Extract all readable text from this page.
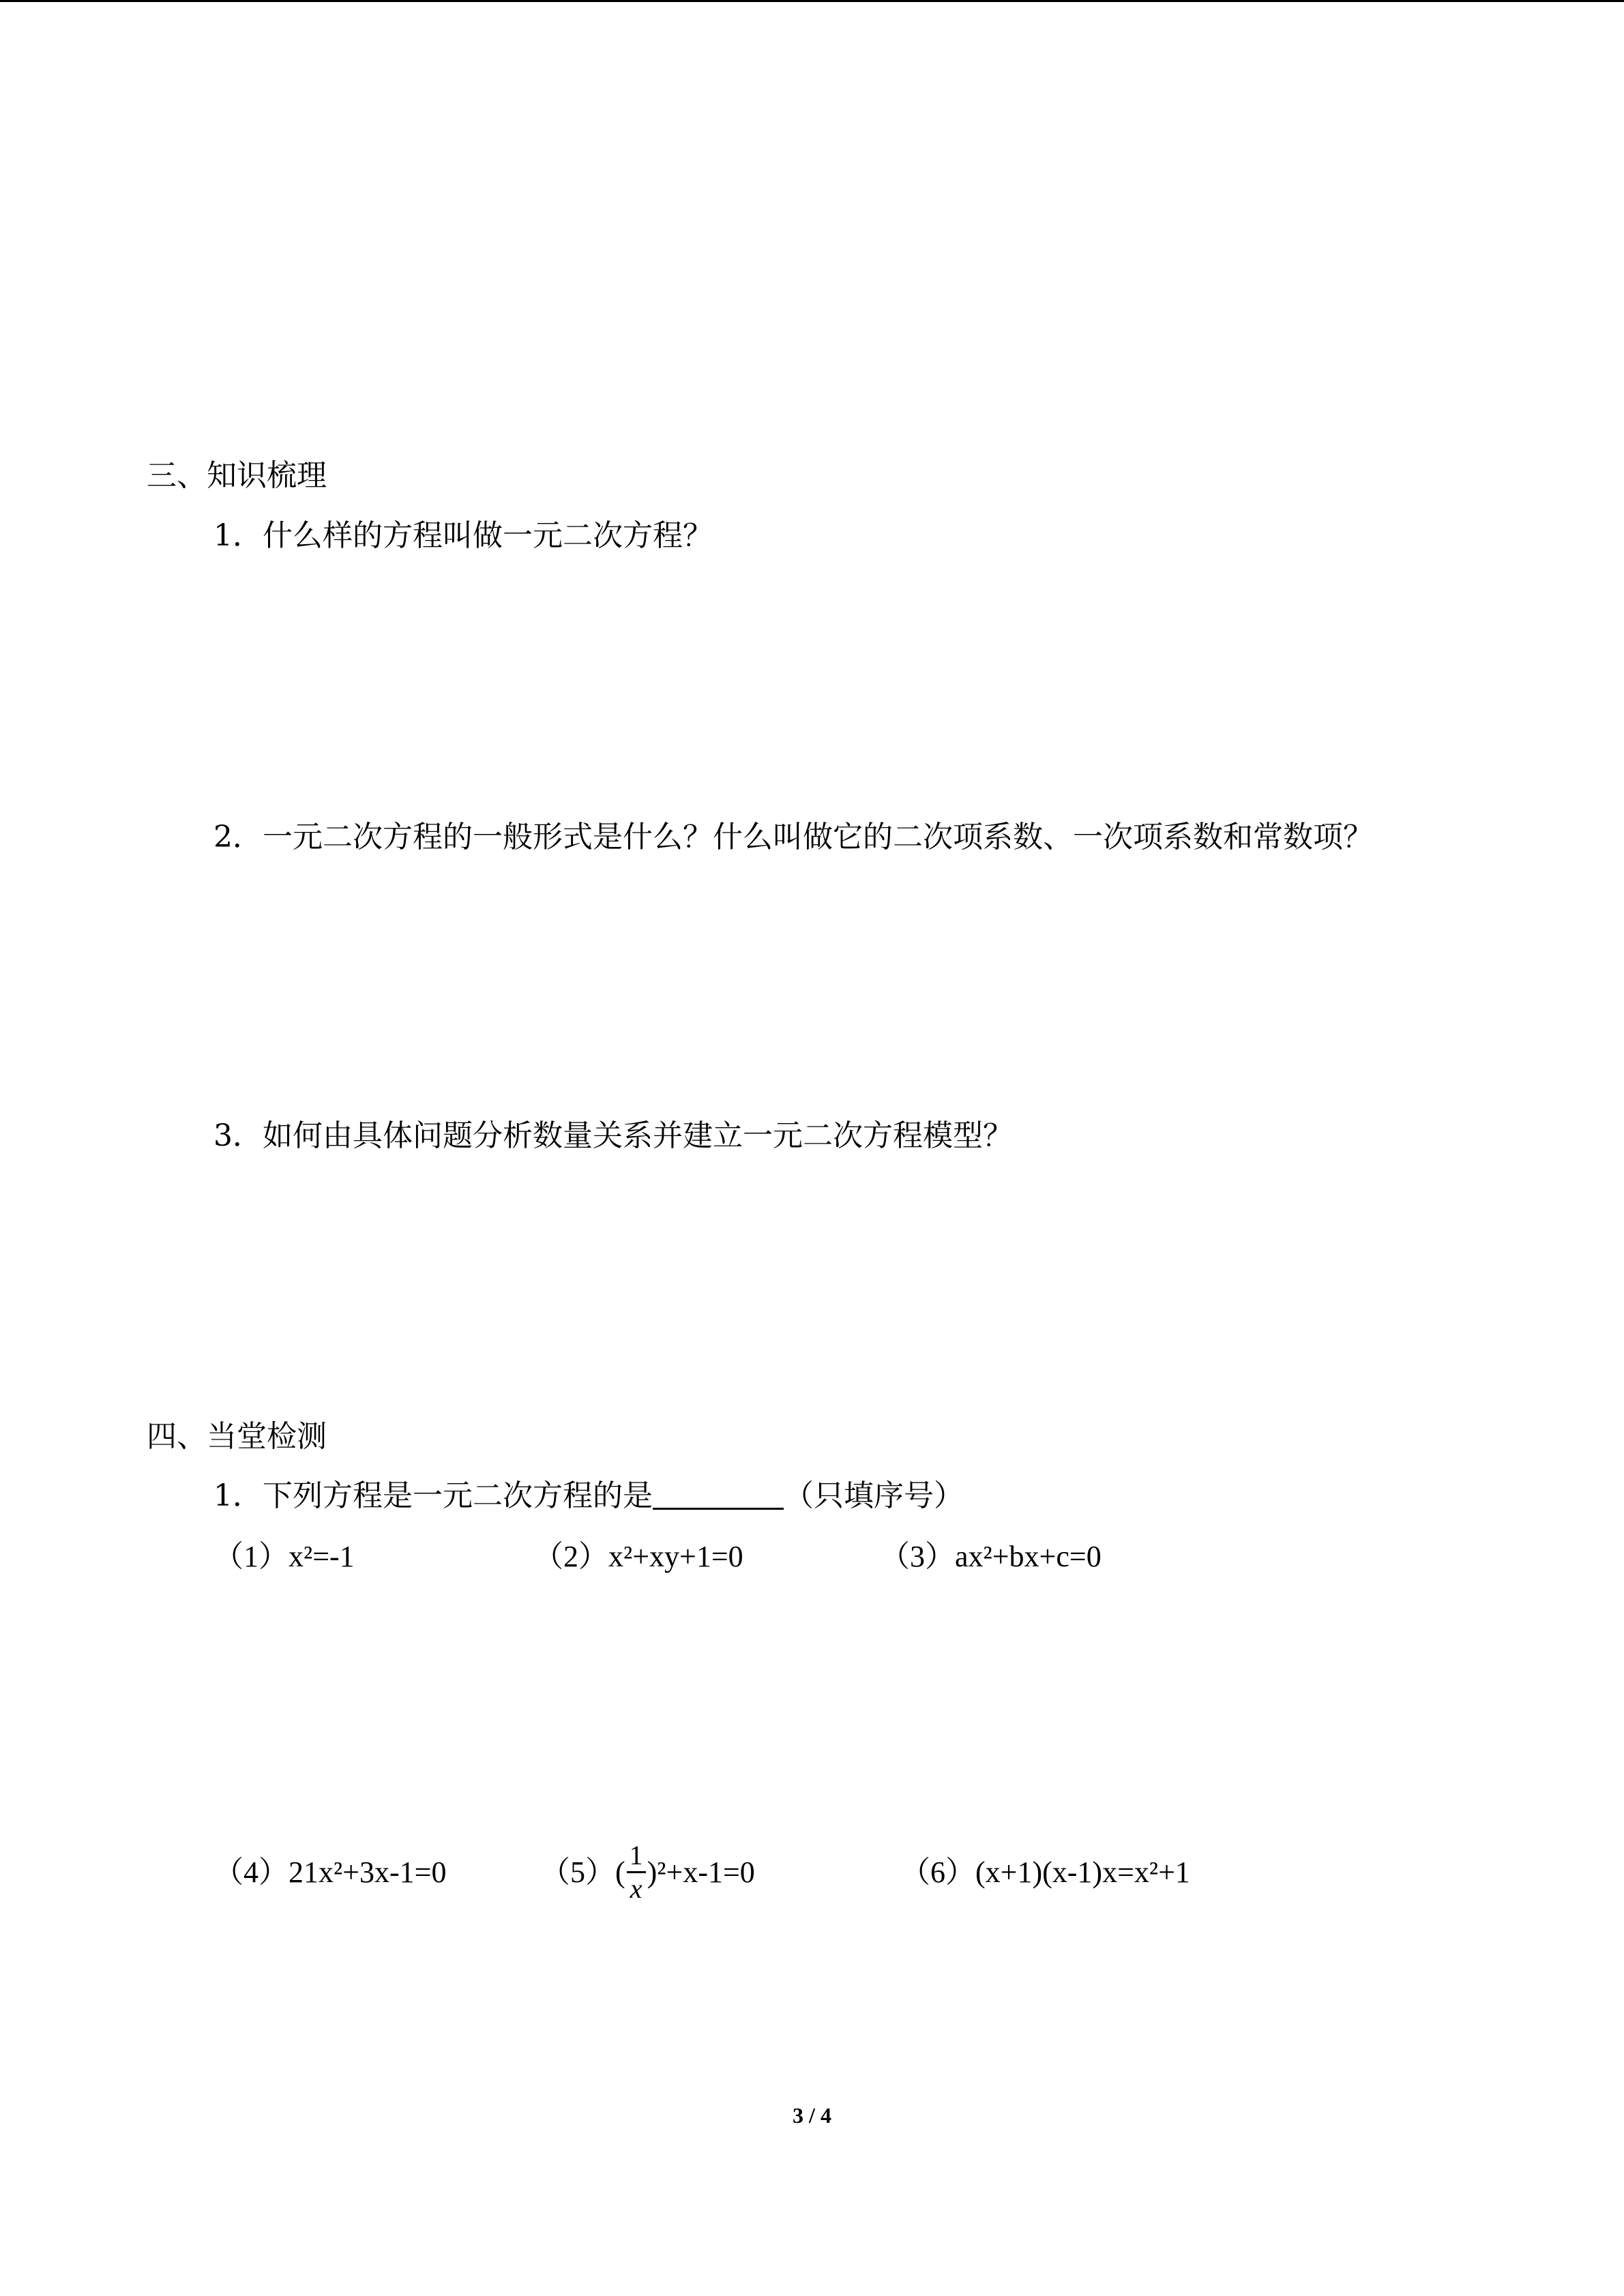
三、知识梳理
1．什么样的方程叫做一元二次方程？
2．一元二次方程的一般形式是什么？什么叫做它的二次项系数、一次项系数和常数项？
3．如何由具体问题分析数量关系并建立一元二次方程模型？
四、当堂检测
1．下列方程是一元二次方程的是	（只填序号）
（1）x²=-1	（2）x²+xy+1=0	（3）ax²+bx+c=0
（4）21x²+3x-1=0	$(5)( \frac{1}{x} )^2+x-1=0$	（6）(x+1)(x-1)x=x²+1
3 / 4
